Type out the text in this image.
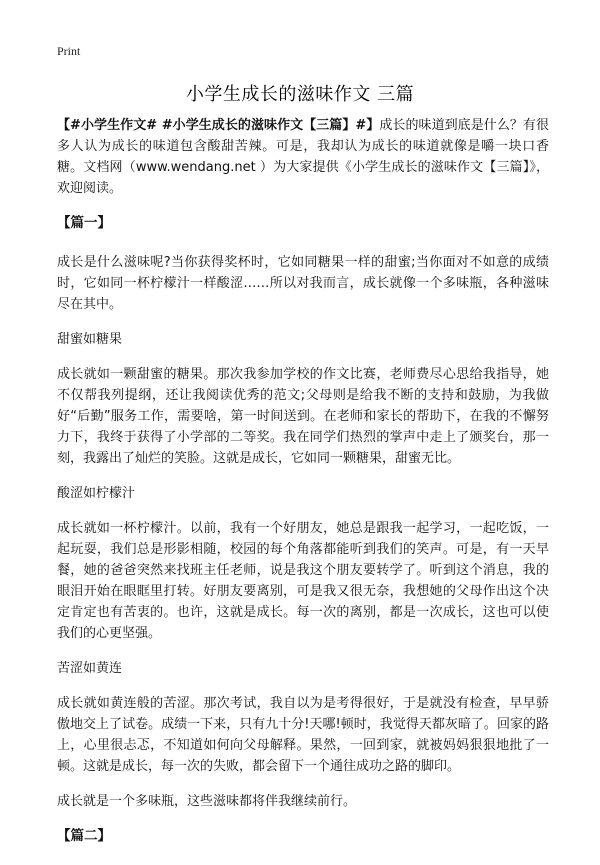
Print
小学生成长的滋味作文 三篇

【#小学生作文# #小学生成长的滋味作文【三篇】#】成长的味道到底是什么？有很多人认为成长的味道包含酸甜苦辣。可是，我却认为成长的味道就像是嚼一块口香糖。文档网（www.wendang.net ）为大家提供《小学生成长的滋味作文【三篇】》，欢迎阅读。

【篇一】

成长是什么滋味呢?当你获得奖杯时，它如同糖果一样的甜蜜;当你面对不如意的成绩时，它如同一杯柠檬汁一样酸涩……所以对我而言，成长就像一个多味瓶，各种滋味尽在其中。

甜蜜如糖果

成长就如一颗甜蜜的糖果。那次我参加学校的作文比赛，老师费尽心思给我指导，她不仅帮我列提纲，还让我阅读优秀的范文;父母则是给我不断的支持和鼓励，为我做好“后勤”服务工作，需要啥，第一时间送到。在老师和家长的帮助下，在我的不懈努力下，我终于获得了小学部的二等奖。我在同学们热烈的掌声中走上了颁奖台，那一刻，我露出了灿烂的笑脸。这就是成长，它如同一颗糖果，甜蜜无比。

酸涩如柠檬汁

成长就如一杯柠檬汁。以前，我有一个好朋友，她总是跟我一起学习，一起吃饭，一起玩耍，我们总是形影相随，校园的每个角落都能听到我们的笑声。可是，有一天早餐，她的爸爸突然来找班主任老师，说是我这个朋友要转学了。听到这个消息，我的眼泪开始在眼眶里打转。好朋友要离别，可是我又很无奈，我想她的父母作出这个决定肯定也有苦衷的。也许，这就是成长。每一次的离别，都是一次成长，这也可以使我们的心更坚强。

苦涩如黄连

成长就如黄连般的苦涩。那次考试，我自以为是考得很好，于是就没有检查，早早骄傲地交上了试卷。成绩一下来，只有九十分!天哪!顿时，我觉得天都灰暗了。回家的路上，心里很忐忑，不知道如何向父母解释。果然，一回到家，就被妈妈狠狠地批了一顿。这就是成长，每一次的失败，都会留下一个通往成功之路的脚印。

成长就是一个多味瓶，这些滋味都将伴我继续前行。

【篇二】
